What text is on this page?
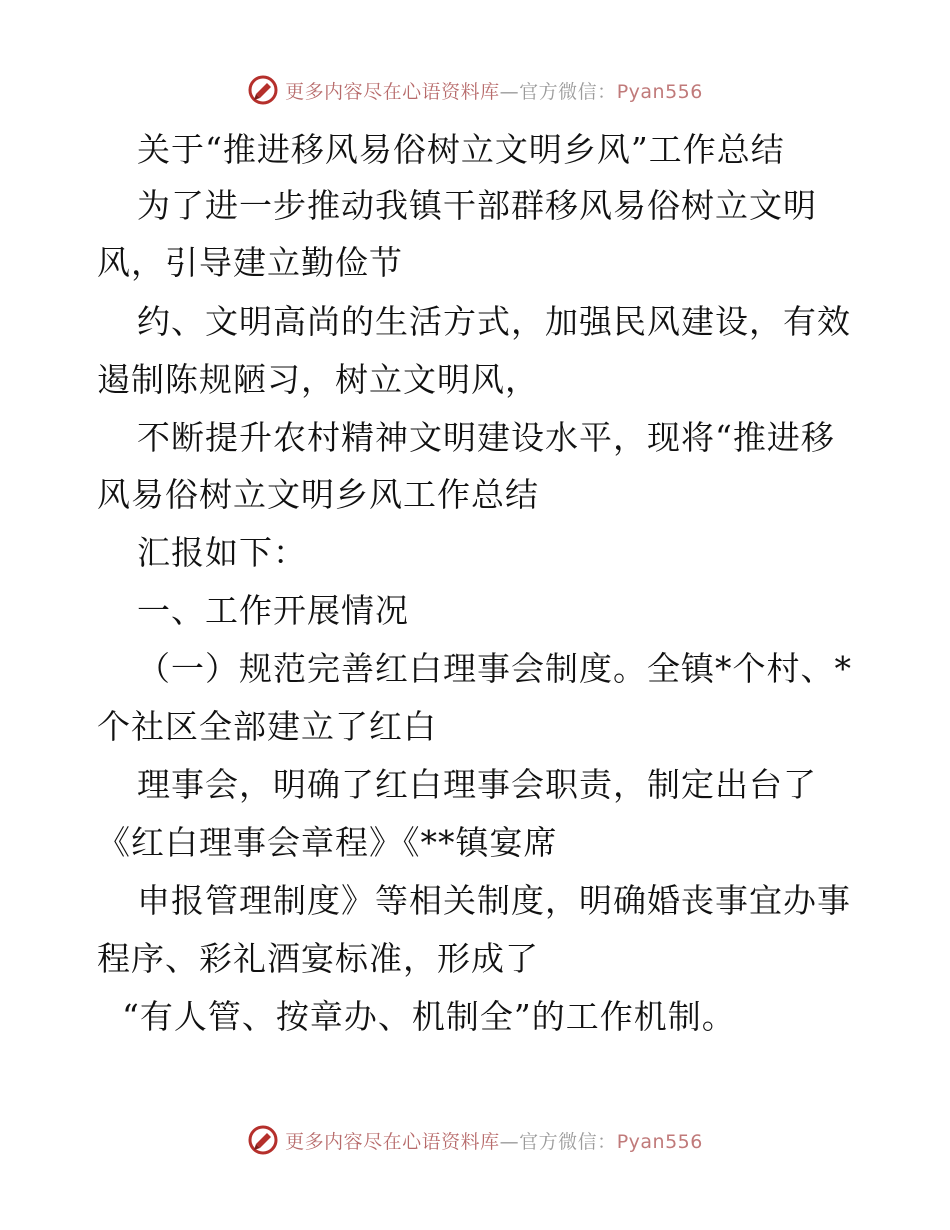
更多内容尽在心语资料库—官方微信：Pyan556
关于“推进移风易俗树立文明乡风”工作总结
为了进一步推动我镇干部群移风易俗树立文明
风，引导建立勤俭节
约、文明高尚的生活方式，加强民风建设，有效
遏制陈规陋习，树立文明风，
不断提升农村精神文明建设水平，现将“推进移
风易俗树立文明乡风工作总结
汇报如下：
一、工作开展情况
（一）规范完善红白理事会制度。全镇*个村、*
个社区全部建立了红白
理事会，明确了红白理事会职责，制定出台了
《红白理事会章程》《**镇宴席
申报管理制度》等相关制度，明确婚丧事宜办事
程序、彩礼酒宴标准，形成了
“有人管、按章办、机制全”的工作机制。
更多内容尽在心语资料库—官方微信：Pyan556
